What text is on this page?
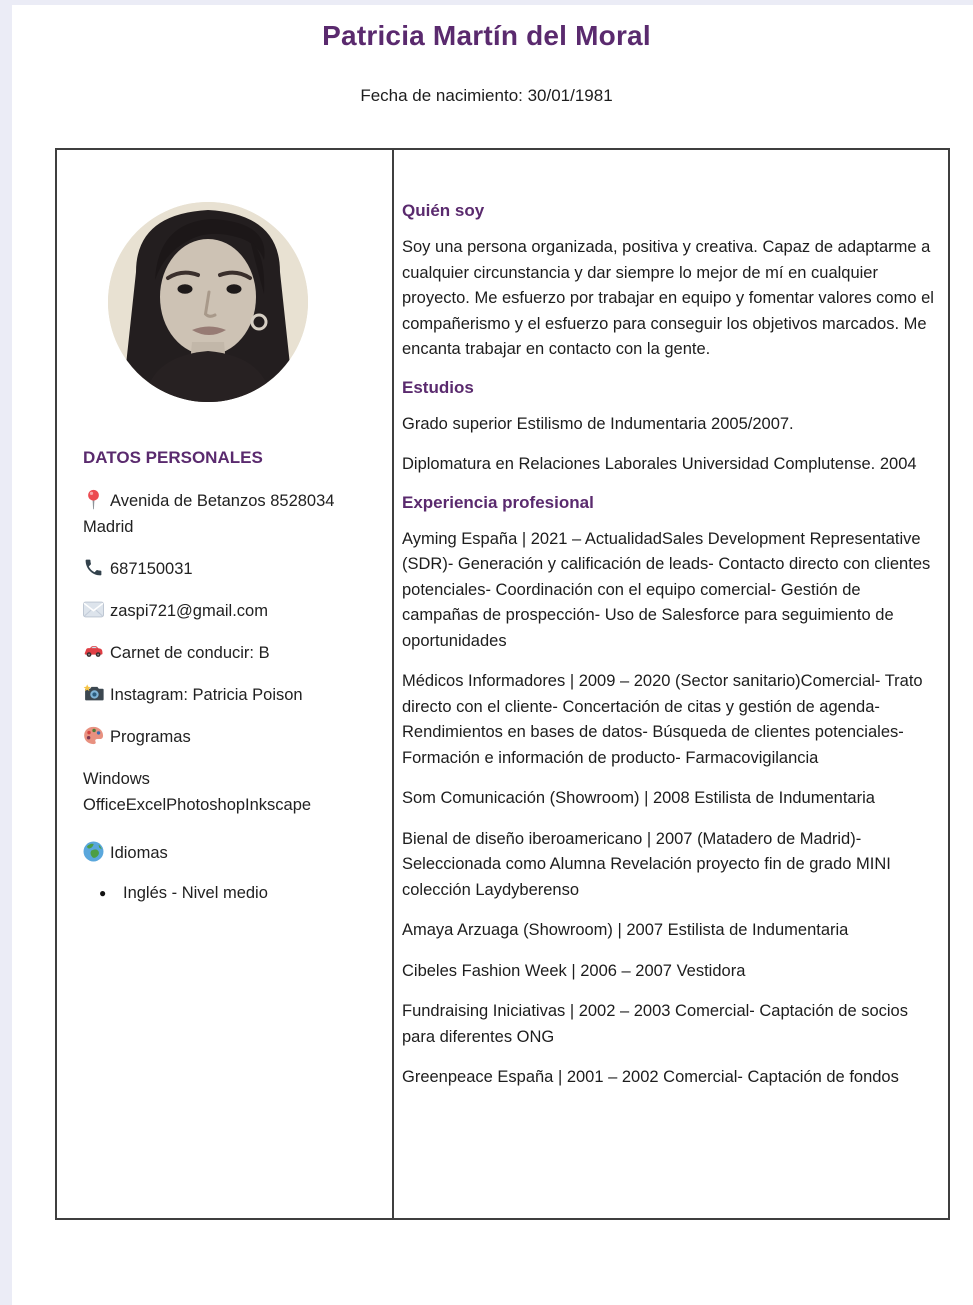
Patricia Martín del Moral
Fecha de nacimiento: 30/01/1981
DATOS PERSONALES
Avenida de Betanzos 8528034 Madrid
687150031
zaspi721@gmail.com
Carnet de conducir: B
Instagram: Patricia Poison
Programas

Windows OfficeExcelPhotoshopInkscape

Idiomas
● Inglés - Nivel medio
Quién soy

Soy una persona organizada, positiva y creativa. Capaz de adaptarme a cualquier circunstancia y dar siempre lo mejor de mí en cualquier proyecto. Me esfuerzo por trabajar en equipo y fomentar valores como el compañerismo y el esfuerzo para conseguir los objetivos marcados. Me encanta trabajar en contacto con la gente.

Estudios

Grado superior Estilismo de Indumentaria 2005/2007.

Diplomatura en Relaciones Laborales Universidad Complutense. 2004

Experiencia profesional

Ayming España | 2021 – ActualidadSales Development Representative (SDR)- Generación y calificación de leads- Contacto directo con clientes potenciales- Coordinación con el equipo comercial- Gestión de campañas de prospección- Uso de Salesforce para seguimiento de oportunidades

Médicos Informadores | 2009 – 2020 (Sector sanitario)Comercial- Trato directo con el cliente- Concertación de citas y gestión de agenda- Rendimientos en bases de datos- Búsqueda de clientes potenciales- Formación e información de producto- Farmacovigilancia

Som Comunicación (Showroom) | 2008 Estilista de Indumentaria

Bienal de diseño iberoamericano | 2007 (Matadero de Madrid)- Seleccionada como Alumna Revelación proyecto fin de grado MINI colección Laydyberenso

Amaya Arzuaga (Showroom) | 2007 Estilista de Indumentaria

Cibeles Fashion Week | 2006 – 2007 Vestidora

Fundraising Iniciativas | 2002 – 2003 Comercial- Captación de socios para diferentes ONG

Greenpeace España | 2001 – 2002 Comercial- Captación de fondos
